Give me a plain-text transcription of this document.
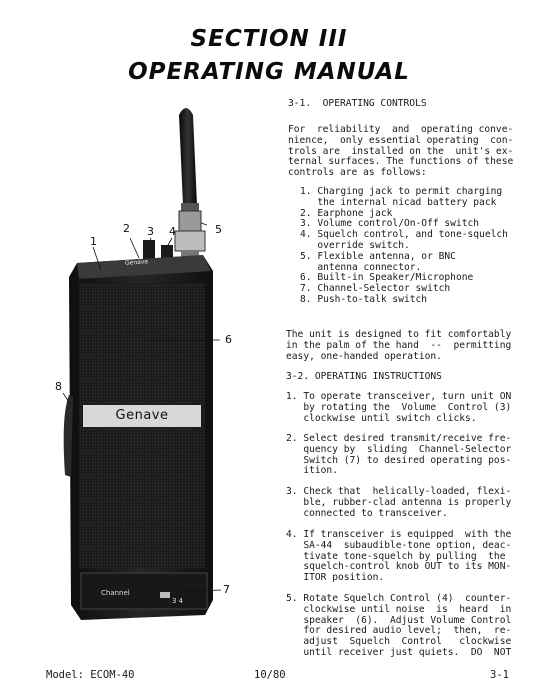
SECTION III
OPERATING MANUAL
1
2 3 4	5
6
7
8
Genave
Genave
Channel
3 4
3-1.  OPERATING CONTROLS
For  reliability  and  operating conve-
nience,  only essential operating  con-
trols are  installed on the  unit's ex-
ternal surfaces. The functions of these
controls are as follows:
1. Charging jack to permit charging
the internal nicad battery pack
2. Earphone jack
3. Volume control/On-Off switch
4. Squelch control, and tone-squelch
override switch.
5. Flexible antenna, or BNC
antenna connector.
6. Built-in Speaker/Microphone
7. Channel-Selector switch
8. Push-to-talk switch
The unit is designed to fit comfortably
in the palm of the hand  --  permitting
easy, one-handed operation.
3-2. OPERATING INSTRUCTIONS
1. To operate transceiver, turn unit ON
by rotating the  Volume  Control (3)
clockwise until switch clicks.
2. Select desired transmit/receive fre-
quency by  sliding  Channel-Selector
Switch (7) to desired operating pos-
ition.
3. Check that  helically-loaded, flexi-
ble, rubber-clad antenna is properly
connected to transceiver.
4. If transceiver is equipped  with the
SA-44  subaudible-tone option, deac-
tivate tone-squelch by pulling  the
squelch-control knob OUT to its MON-
ITOR position.
5. Rotate Squelch Control (4)  counter-
clockwise until noise  is  heard  in
speaker  (6).  Adjust Volume Control
for desired audio level;  then,  re-
adjust  Squelch  Control   clockwise
until receiver just quiets.  DO  NOT
Model: ECOM-40	10/80	3-1
